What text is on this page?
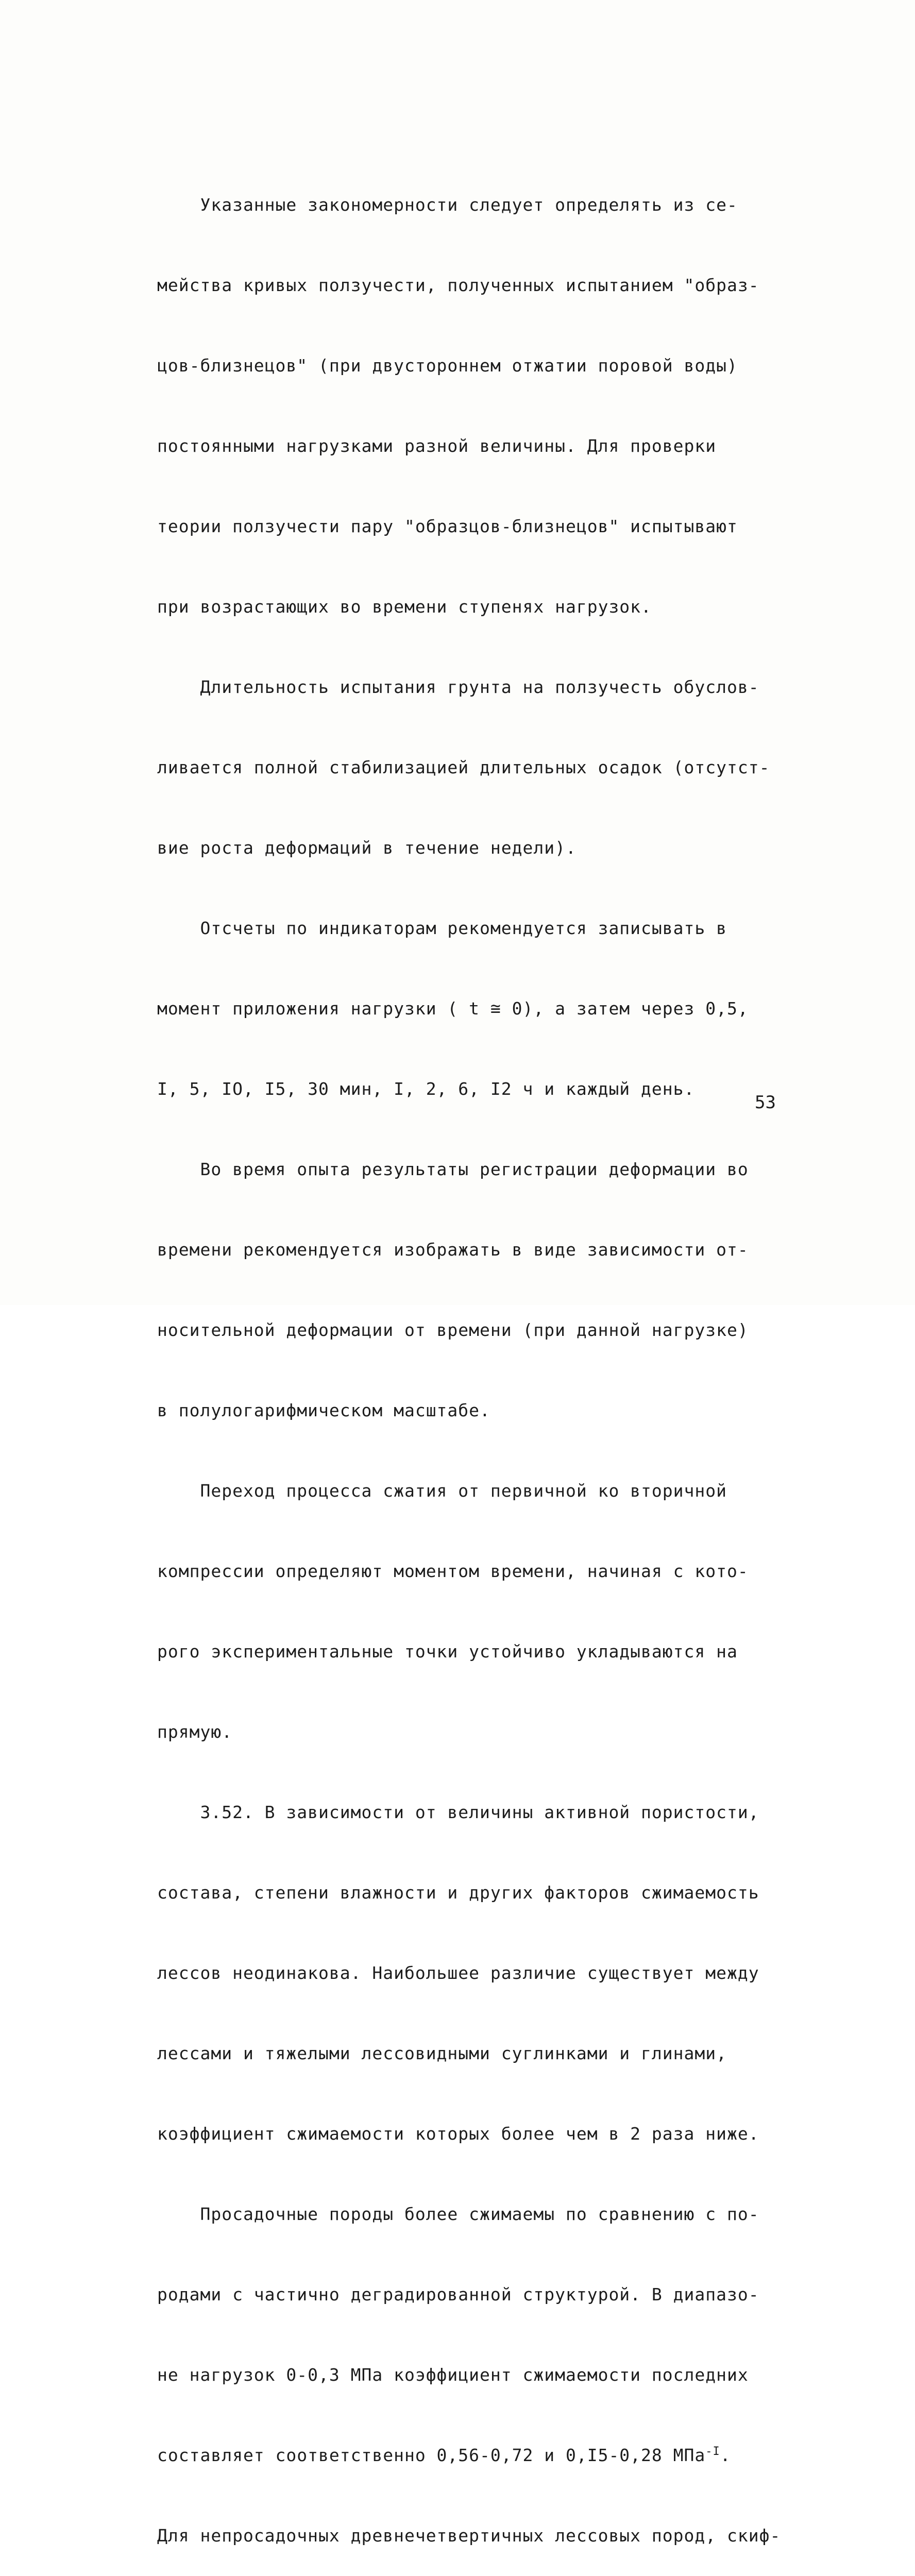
Указанные закономерности следует определять из се-

мейства кривых ползучести, полученных испытанием "образ-

цов-близнецов" (при двустороннем отжатии поровой воды)

постоянными нагрузками разной величины. Для проверки

теории ползучести пару "образцов-близнецов" испытывают

при возрастающих во времени ступенях нагрузок.

Длительность испытания грунта на ползучесть обуслов-

ливается полной стабилизацией длительных осадок (отсутст-

вие роста деформаций в течение недели).

Отсчеты по индикаторам рекомендуется записывать в

момент приложения нагрузки ( t ≅ 0), а затем через 0,5,

I, 5, IO, I5, 30 мин, I, 2, 6, I2 ч и каждый день.

Во время опыта результаты регистрации деформации во

времени рекомендуется изображать в виде зависимости от-

носительной деформации от времени (при данной нагрузке)

в полулогарифмическом масштабе.

Переход процесса сжатия от первичной ко вторичной

компрессии определяют моментом времени, начиная с кото-

рого экспериментальные точки устойчиво укладываются на

прямую.

3.52. В зависимости от величины активной пористости,

состава, степени влажности и других факторов сжимаемость

лессов неодинакова. Наибольшее различие существует между

лессами и тяжелыми лессовидными суглинками и глинами,

коэффициент сжимаемости которых более чем в 2 раза ниже.

Просадочные породы более сжимаемы по сравнению с по-

родами с частично деградированной структурой. В диапазо-

не нагрузок 0-0,3 МПа коэффициент сжимаемости последних

составляет соответственно 0,56-0,72 и 0,I5-0,28 МПа$^{-I}$.

Для непросадочных древнечетвертичных лессовых пород, скиф-

53
